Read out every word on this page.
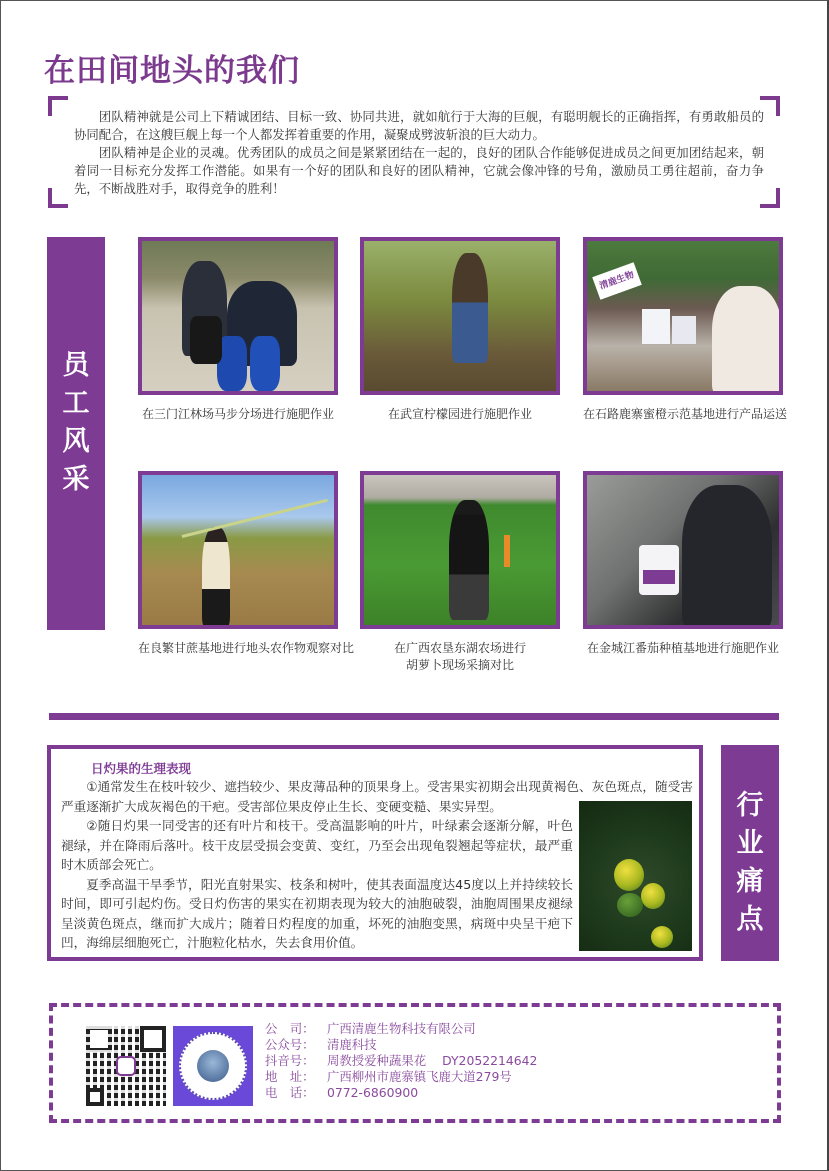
在田间地头的我们

团队精神就是公司上下精诚团结、目标一致、协同共进，就如航行于大海的巨舰，有聪明舰长的正确指挥，有勇敢船员的协同配合，在这艘巨舰上每一个人都发挥着重要的作用，凝聚成劈波斩浪的巨大动力。

团队精神是企业的灵魂。优秀团队的成员之间是紧紧团结在一起的，良好的团队合作能够促进成员之间更加团结起来，朝着同一目标充分发挥工作潜能。如果有一个好的团队和良好的团队精神，它就会像冲锋的号角，激励员工勇往超前，奋力争先，不断战胜对手，取得竞争的胜利！

员
工
风
采
在三门江林场马步分场进行施肥作业	在武宣柠檬园进行施肥作业
清鹿生物
在石路鹿寨蜜橙示范基地进行产品运送
在良繁甘蔗基地进行地头农作物观察对比	在广西农垦东湖农场进行
胡萝卜现场采摘对比
在金城江番茄种植基地进行施肥作业
日灼果的生理表现

①通常发生在枝叶较少、遮挡较少、果皮薄品种的顶果身上。受害果实初期会出现黄褐色、灰色斑点，随受害严重逐渐扩大成灰褐色的干疤。受害部位果皮停止生长、变硬变糙、果实异型。

②随日灼果一同受害的还有叶片和枝干。受高温影响的叶片，叶绿素会逐渐分解，叶色褪绿，并在降雨后落叶。枝干皮层受损会变黄、变红，乃至会出现龟裂翘起等症状，最严重时木质部会死亡。

夏季高温干旱季节，阳光直射果实、枝条和树叶，使其表面温度达45度以上并持续较长时间，即可引起灼伤。受日灼伤害的果实在初期表现为较大的油胞破裂，油胞周围果皮褪绿呈淡黄色斑点，继而扩大成片；随着日灼程度的加重，坏死的油胞变黑，病斑中央呈干疤下凹，海绵层细胞死亡，汁胞粒化枯水，失去食用价值。

行
业
痛
点
公　司：	广西清鹿生物科技有限公司
公众号：	清鹿科技
抖音号：	周教授爱种蔬果花 DY2052214642
地　址：	广西柳州市鹿寨镇飞鹿大道279号
电　话：	0772-6860900
